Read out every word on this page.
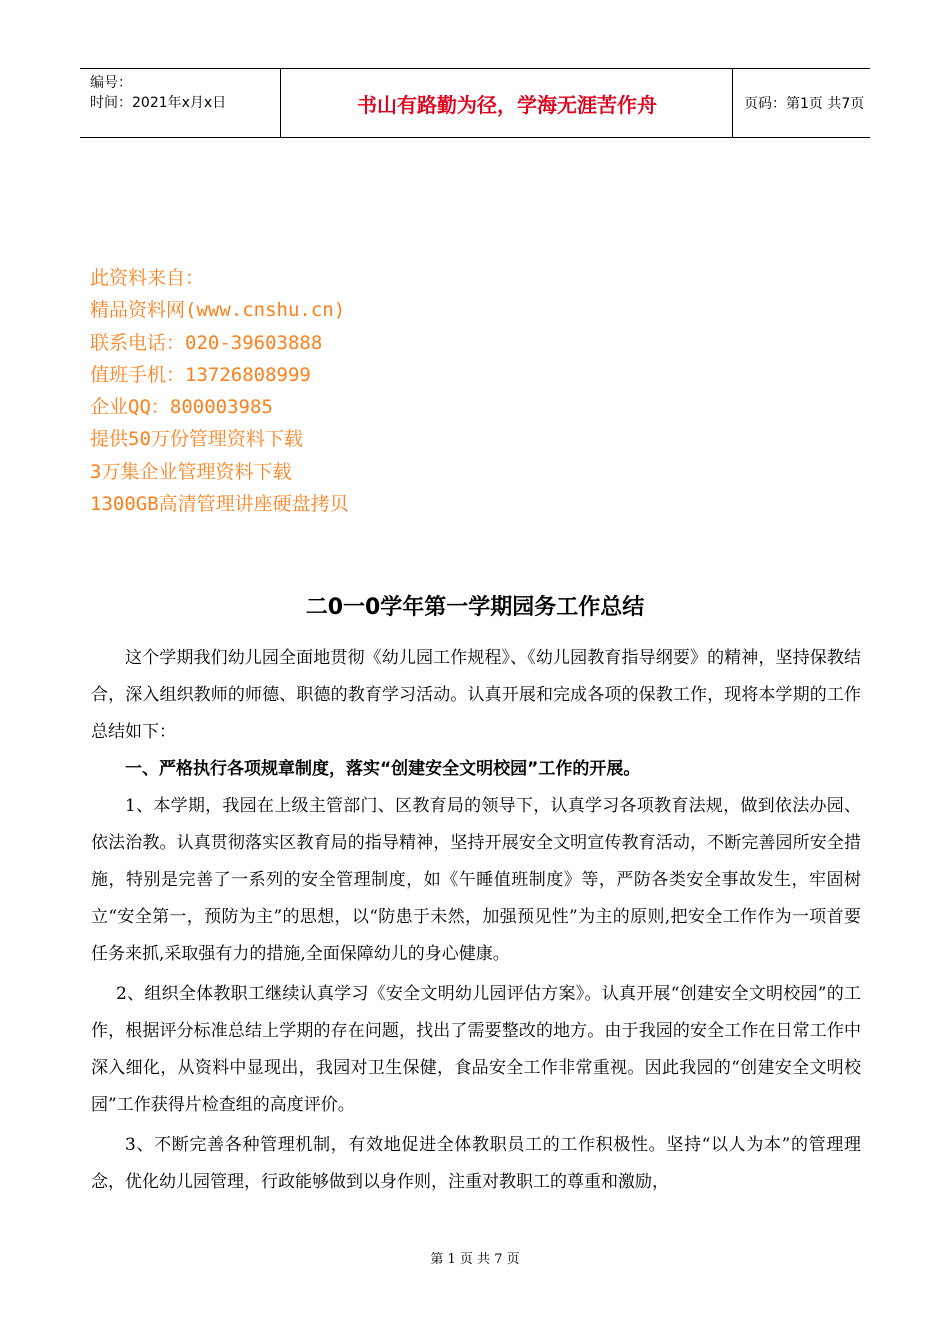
编号：
时间：2021年x月x日	书山有路勤为径，学海无涯苦作舟	页码：第1页 共7页
此资料来自：
精品资料网(www.cnshu.cn)
联系电话：020-39603888
值班手机：13726808999
企业QQ：800003985
提供50万份管理资料下载
3万集企业管理资料下载
1300GB高清管理讲座硬盘拷贝
二0一0学年第一学期园务工作总结

这个学期我们幼儿园全面地贯彻《幼儿园工作规程》、《幼儿园教育指导纲要》的精神，坚持保教结合，深入组织教师的师德、职德的教育学习活动。认真开展和完成各项的保教工作，现将本学期的工作总结如下：

一、严格执行各项规章制度，落实“创建安全文明校园”工作的开展。

1、本学期，我园在上级主管部门、区教育局的领导下，认真学习各项教育法规，做到依法办园、依法治教。认真贯彻落实区教育局的指导精神，坚持开展安全文明宣传教育活动，不断完善园所安全措施，特别是完善了一系列的安全管理制度，如《午睡值班制度》等，严防各类安全事故发生，牢固树立“安全第一，预防为主”的思想，以“防患于未然，加强预见性”为主的原则,把安全工作作为一项首要任务来抓,采取强有力的措施,全面保障幼儿的身心健康。

2、组织全体教职工继续认真学习《安全文明幼儿园评估方案》。认真开展“创建安全文明校园”的工作，根据评分标准总结上学期的存在问题，找出了需要整改的地方。由于我园的安全工作在日常工作中深入细化，从资料中显现出，我园对卫生保健，食品安全工作非常重视。因此我园的“创建安全文明校园”工作获得片检查组的高度评价。

3、不断完善各种管理机制，有效地促进全体教职员工的工作积极性。坚持“以人为本”的管理理念，优化幼儿园管理，行政能够做到以身作则，注重对教职工的尊重和激励，

第 1 页 共 7 页
